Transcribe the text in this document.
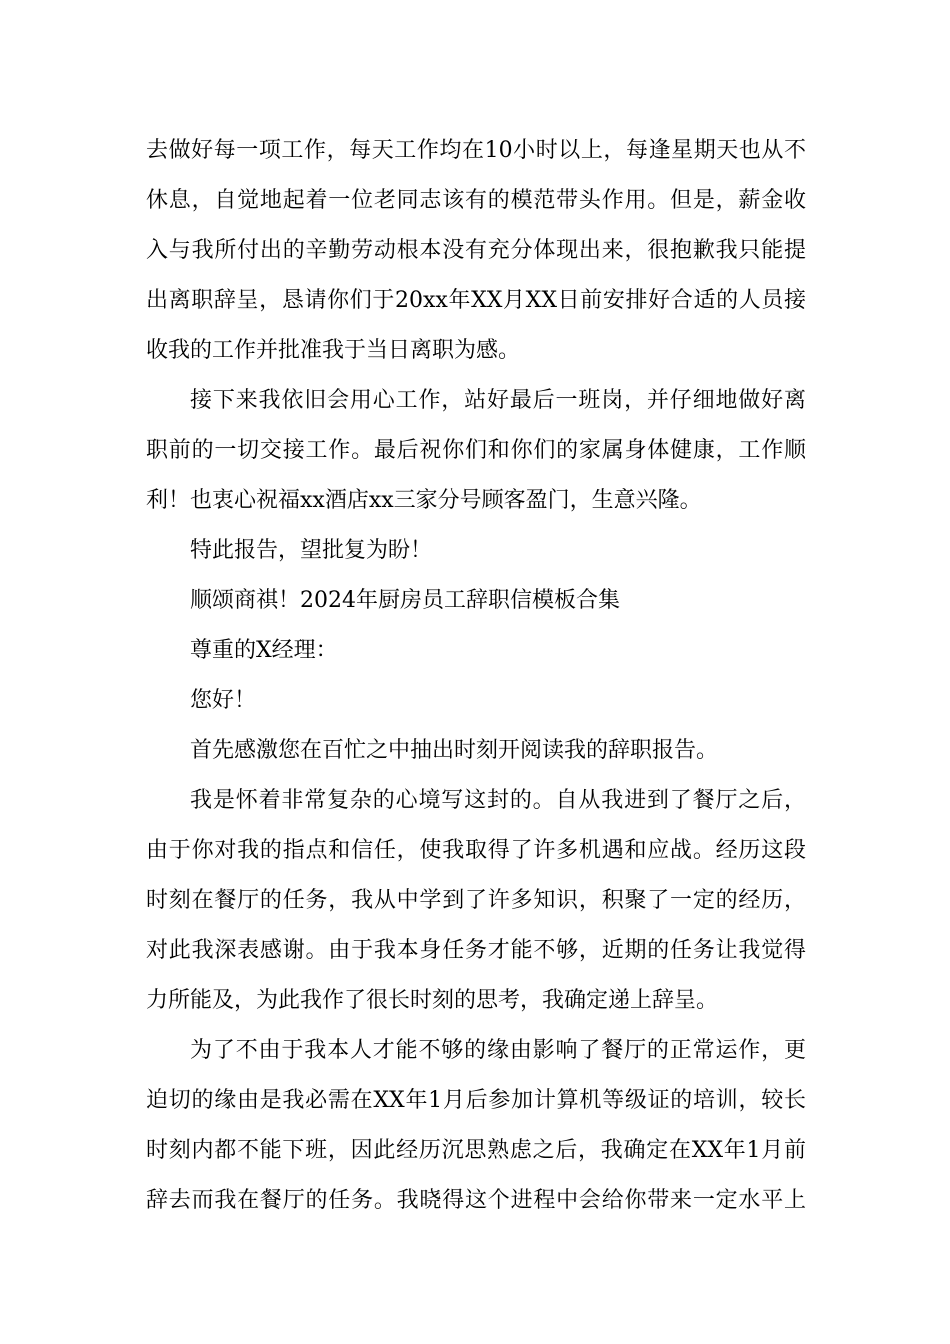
去做好每一项工作，每天工作均在10小时以上，每逢星期天也从不
休息，自觉地起着一位老同志该有的模范带头作用。但是，薪金收
入与我所付出的辛勤劳动根本没有充分体现出来，很抱歉我只能提
出离职辞呈，恳请你们于20xx年XX月XX日前安排好合适的人员接
收我的工作并批准我于当日离职为感。
接下来我依旧会用心工作，站好最后一班岗，并仔细地做好离
职前的一切交接工作。最后祝你们和你们的家属身体健康，工作顺
利！也衷心祝福xx酒店xx三家分号顾客盈门，生意兴隆。
特此报告，望批复为盼！
顺颂商祺！2024年厨房员工辞职信模板合集
尊重的X经理：
您好！
首先感激您在百忙之中抽出时刻开阅读我的辞职报告。
我是怀着非常复杂的心境写这封的。自从我进到了餐厅之后，
由于你对我的指点和信任，使我取得了许多机遇和应战。经历这段
时刻在餐厅的任务，我从中学到了许多知识，积聚了一定的经历，
对此我深表感谢。由于我本身任务才能不够，近期的任务让我觉得
力所能及，为此我作了很长时刻的思考，我确定递上辞呈。
为了不由于我本人才能不够的缘由影响了餐厅的正常运作，更
迫切的缘由是我必需在XX年1月后参加计算机等级证的培训，较长
时刻内都不能下班，因此经历沉思熟虑之后，我确定在XX年1月前
辞去而我在餐厅的任务。我晓得这个进程中会给你带来一定水平上
